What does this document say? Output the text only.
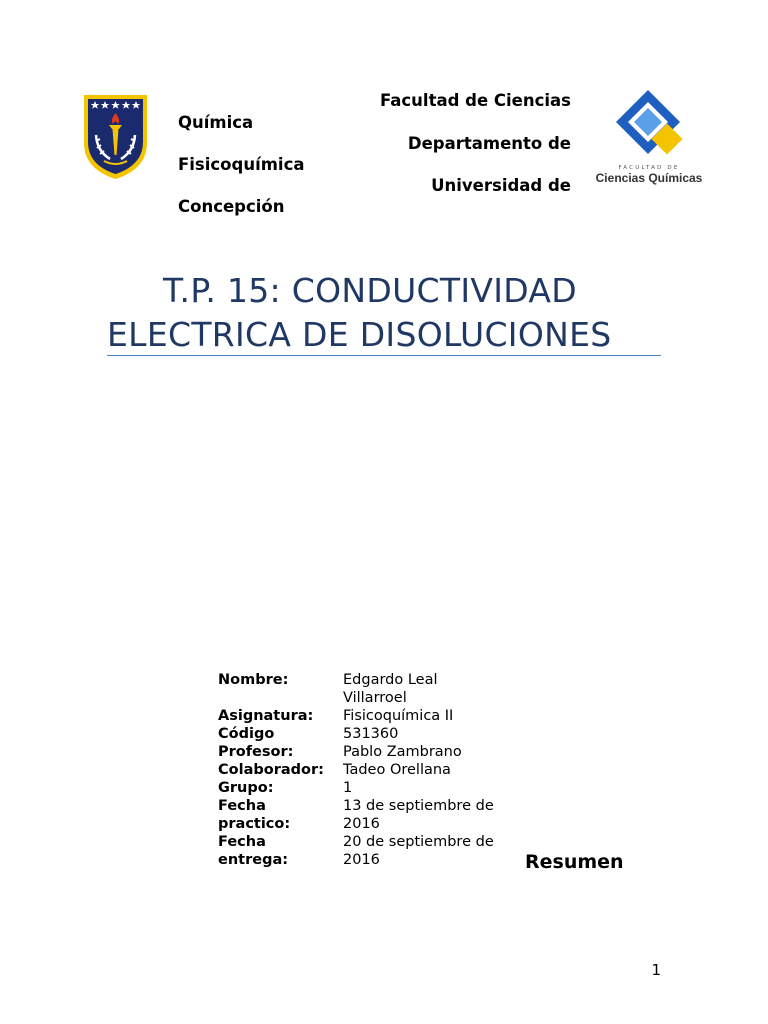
Química
Fisicoquímica
Concepción
Facultad de Ciencias
Departamento de
Universidad de
FACULTAD DE
Ciencias Químicas
T.P. 15: CONDUCTIVIDAD
ELECTRICA DE DISOLUCIONES
Nombre:
Asignatura:
Código
Profesor:
Colaborador:
Grupo:
Fecha
practico:
Fecha
entrega:
Edgardo Leal
Villarroel
Fisicoquímica II
531360
Pablo Zambrano
Tadeo Orellana
1
13 de septiembre de
2016
20 de septiembre de
2016	Resumen
1
